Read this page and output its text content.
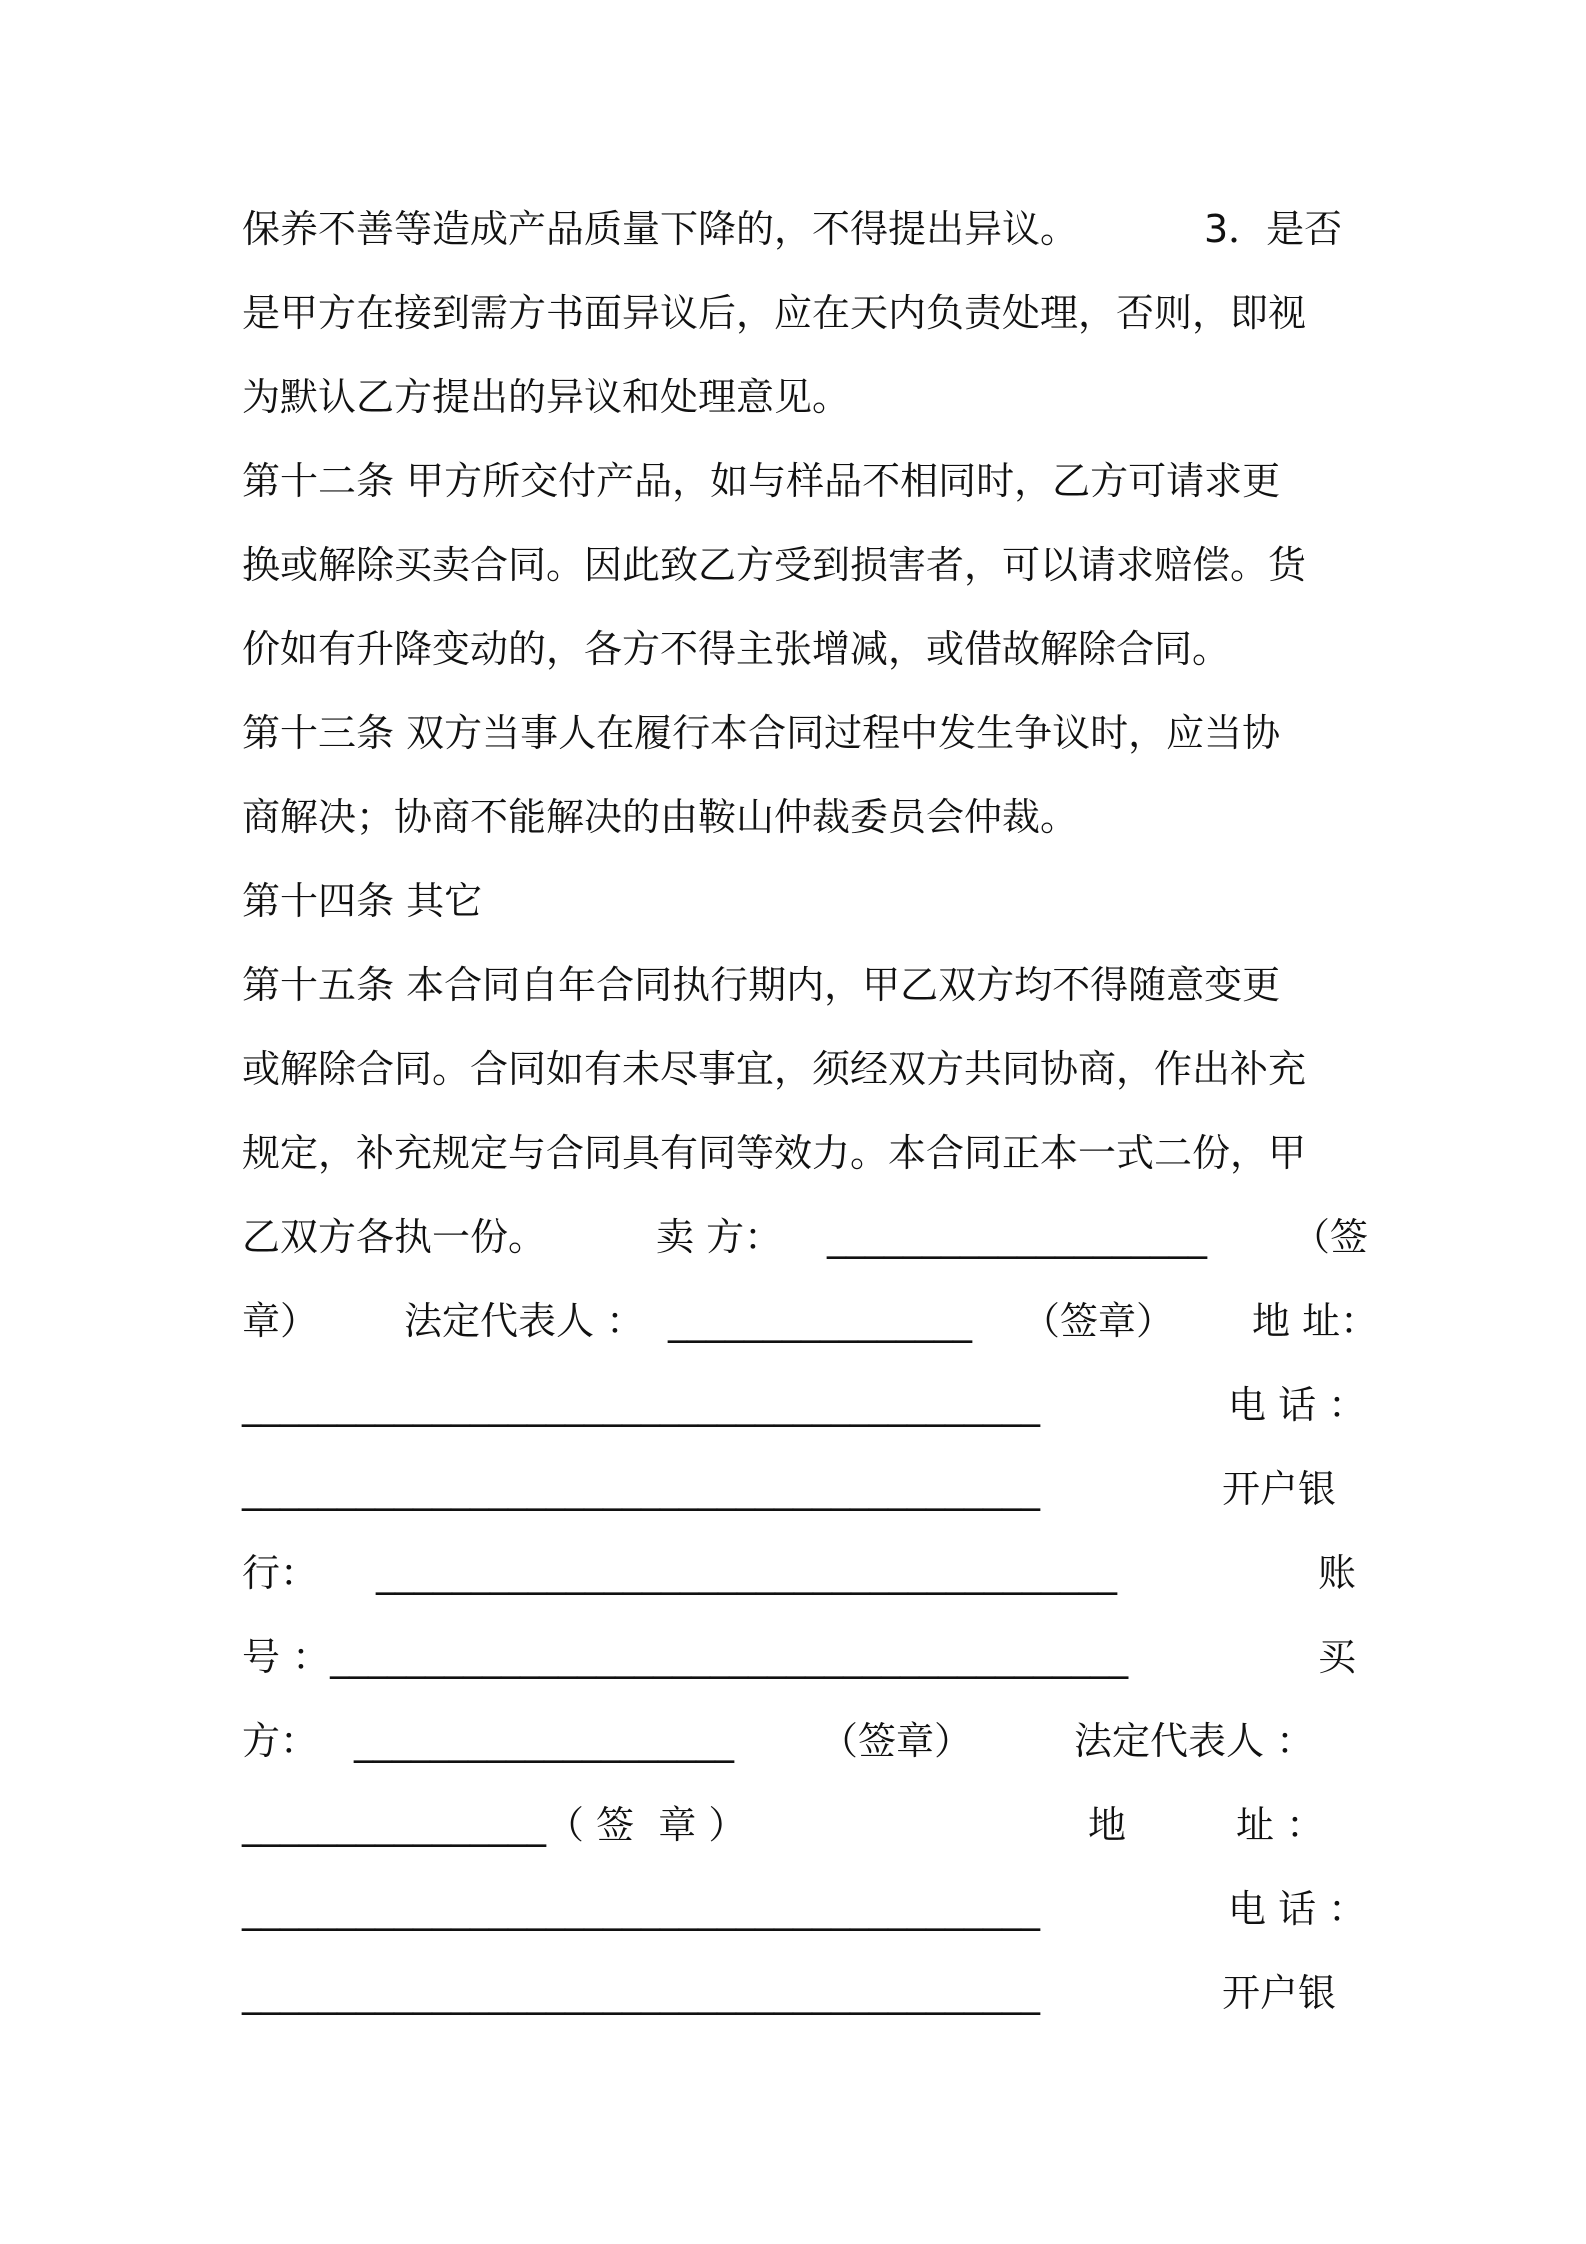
保养不善等造成产品质量下降的，不得提出异议。

	3．是否

是甲方在接到需方书面异议后，应在天内负责处理，否则，即视

为默认乙方提出的异议和处理意见。

第十二条 甲方所交付产品，如与样品不相同时，乙方可请求更

换或解除买卖合同。因此致乙方受到损害者，可以请求赔偿。货

价如有升降变动的，各方不得主张增减，或借故解除合同。

第十三条 双方当事人在履行本合同过程中发生争议时，应当协

商解决；协商不能解决的由鞍山仲裁委员会仲裁。

第十四条 其它

第十五条 本合同自年合同执行期内，甲乙双方均不得随意变更

或解除合同。合同如有未尽事宜，须经双方共同协商，作出补充

规定，补充规定与合同具有同等效力。本合同正本一式二份，甲

乙双方各执一份。

	卖 方：

____________________

（签

章）

法定代表人 ：

________________

（签章）

地 址：

__________________________________________

	电 话 ：

__________________________________________

	开户银

行：

_______________________________________

	账

号 ：__________________________________________

	买

方：

____________________

（签章）

	法定代表人 ：

________________（ 签  章 ）

	地

	址 ：

__________________________________________

	电 话 ：

__________________________________________

	开户银
